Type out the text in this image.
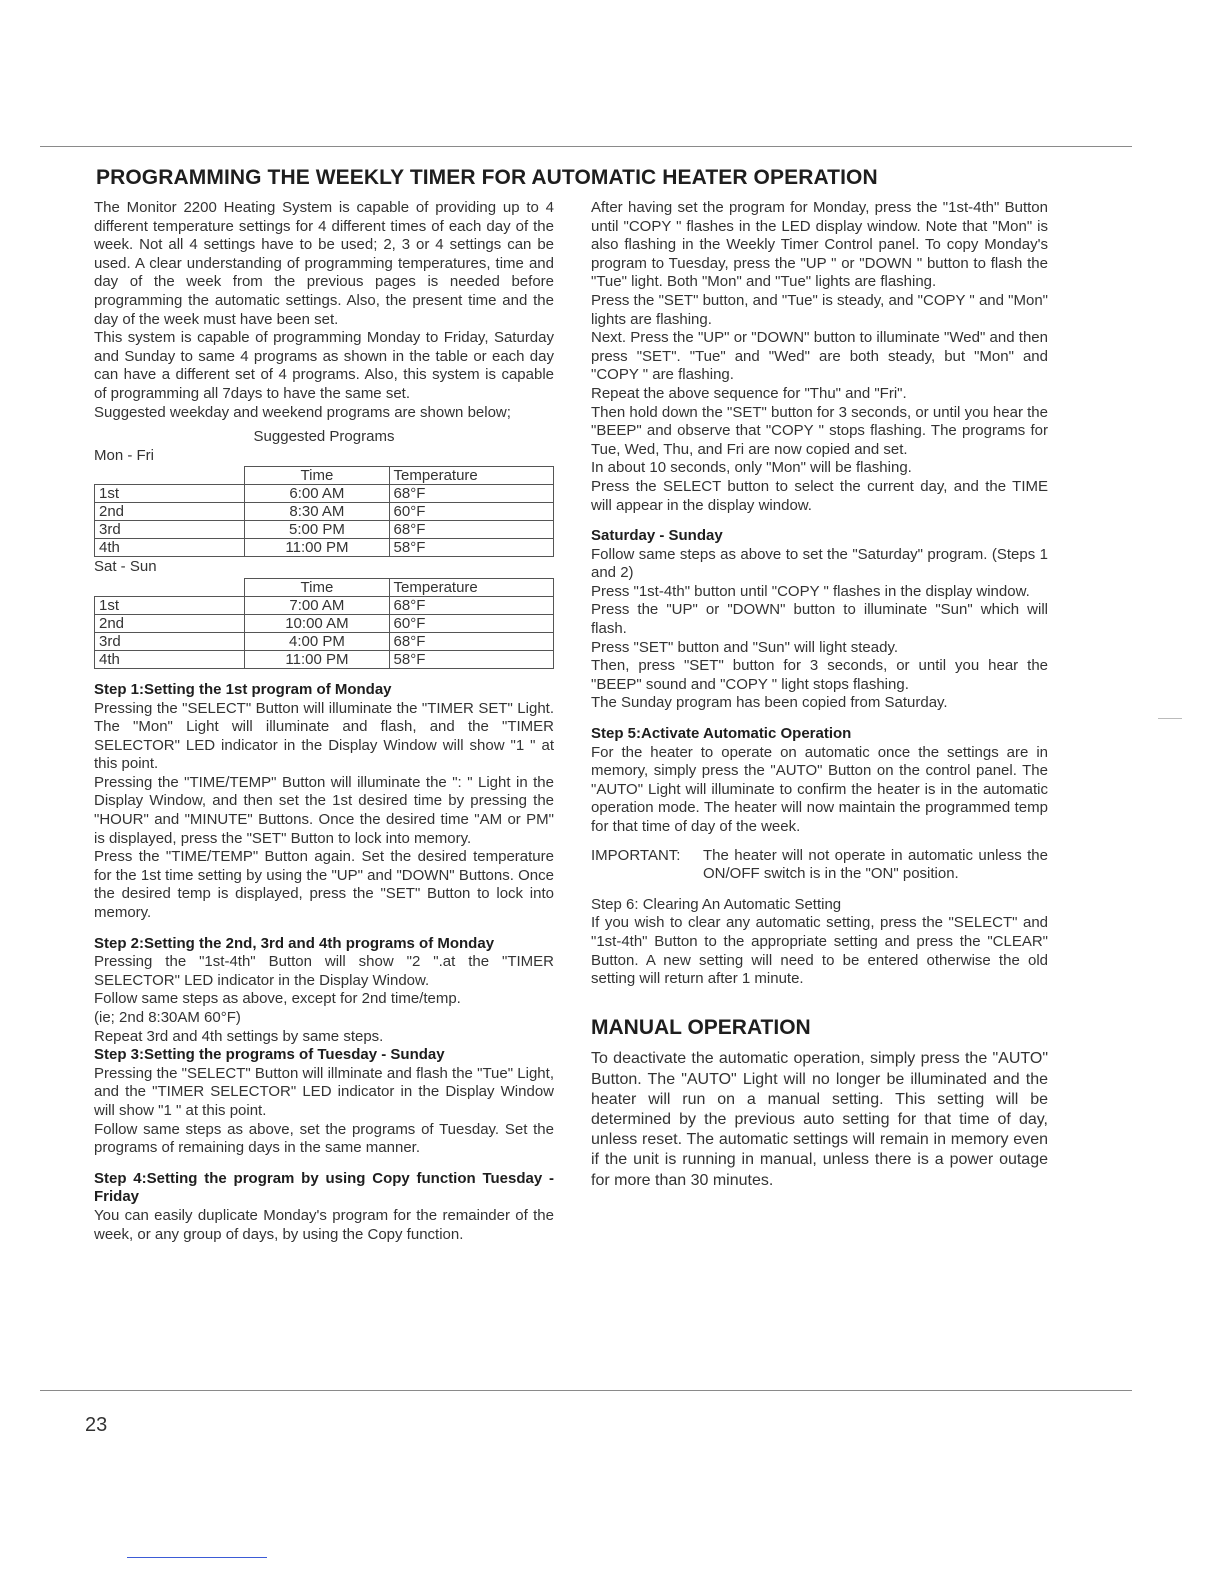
PROGRAMMING THE WEEKLY TIMER FOR AUTOMATIC HEATER OPERATION

The Monitor 2200 Heating System is capable of providing up to 4 different temperature settings for 4 different times of each day of the week. Not all 4 settings have to be used; 2, 3 or 4 settings can be used. A clear understanding of programming temperatures, time and day of the week from the previous pages is needed before programming the automatic settings. Also, the present time and the day of the week must have been set.

This system is capable of programming Monday to Friday, Saturday and Sunday to same 4 programs as shown in the table or each day can have a different set of 4 programs. Also, this system is capable of programming all 7days to have the same set.

Suggested weekday and weekend programs are shown below;

Suggested Programs

Mon - Fri

	Time	Temperature
1st	6:00 AM	68°F
2nd	8:30 AM	60°F
3rd	5:00 PM	68°F
4th	11:00 PM	58°F

Sat - Sun

	Time	Temperature
1st	7:00 AM	68°F
2nd	10:00 AM	60°F
3rd	4:00 PM	68°F
4th	11:00 PM	58°F

Step 1:Setting the 1st program of Monday

Pressing the "SELECT" Button will illuminate the "TIMER SET" Light. The "Mon" Light will illuminate and flash, and the "TIMER SELECTOR" LED indicator in the Display Window will show "1 " at this point.

Pressing the "TIME/TEMP" Button will illuminate the ": " Light in the Display Window, and then set the 1st desired time by pressing the "HOUR" and "MINUTE" Buttons. Once the desired time "AM or PM" is displayed, press the "SET" Button to lock into memory.

Press the "TIME/TEMP" Button again. Set the desired temperature for the 1st time setting by using the "UP" and "DOWN" Buttons. Once the desired temp is displayed, press the "SET" Button to lock into memory.

Step 2:Setting the 2nd, 3rd and 4th programs of Monday

Pressing the "1st-4th" Button will show "2 ".at the "TIMER SELECTOR" LED indicator in the Display Window.

Follow same steps as above, except for 2nd time/temp.

(ie; 2nd 8:30AM 60°F)

Repeat 3rd and 4th settings by same steps.

Step 3:Setting the programs of Tuesday - Sunday

Pressing the "SELECT" Button will illminate and flash the "Tue" Light, and the "TIMER SELECTOR" LED indicator in the Display Window will show "1 " at this point.

Follow same steps as above, set the programs of Tuesday. Set the programs of remaining days in the same manner.

Step 4:Setting the program by using Copy function Tuesday - Friday

You can easily duplicate Monday's program for the remainder of the week, or any group of days, by using the Copy function.

After having set the program for Monday, press the "1st-4th" Button until "COPY " flashes in the LED display window. Note that "Mon" is also flashing in the Weekly Timer Control panel. To copy Monday's program to Tuesday, press the "UP " or "DOWN " button to flash the "Tue" light. Both "Mon" and "Tue" lights are flashing.

Press the "SET" button, and "Tue" is steady, and "COPY " and "Mon" lights are flashing.

Next. Press the "UP" or "DOWN" button to illuminate "Wed" and then press "SET". "Tue" and "Wed" are both steady, but "Mon" and "COPY " are flashing.

Repeat the above sequence for "Thu" and "Fri".

Then hold down the "SET" button for 3 seconds, or until you hear the "BEEP" and observe that "COPY " stops flashing. The programs for Tue, Wed, Thu, and Fri are now copied and set.

In about 10 seconds, only "Mon" will be flashing.

Press the SELECT button to select the current day, and the TIME will appear in the display window.

Saturday - Sunday

Follow same steps as above to set the "Saturday" program. (Steps 1 and 2)

Press "1st-4th" button until "COPY " flashes in the display window.

Press the "UP" or "DOWN" button to illuminate "Sun" which will flash.

Press "SET" button and "Sun" will light steady.

Then, press "SET" button for 3 seconds, or until you hear the "BEEP" sound and "COPY " light stops flashing.

The Sunday program has been copied from Saturday.

Step 5:Activate Automatic Operation

For the heater to operate on automatic once the settings are in memory, simply press the "AUTO" Button on the control panel. The "AUTO" Light will illuminate to confirm the heater is in the automatic operation mode. The heater will now maintain the programmed temp for that time of day of the week.

IMPORTANT:	The heater will not operate in automatic unless the ON/OFF switch is in the "ON" position.

Step 6: Clearing An Automatic Setting

If you wish to clear any automatic setting, press the "SELECT" and "1st-4th" Button to the appropriate setting and press the "CLEAR" Button. A new setting will need to be entered otherwise the old setting will return after 1 minute.

MANUAL OPERATION

To deactivate the automatic operation, simply press the "AUTO" Button. The "AUTO" Light will no longer be illuminated and the heater will run on a manual setting. This setting will be determined by the previous auto setting for that time of day, unless reset. The automatic settings will remain in memory even if the unit is running in manual, unless there is a power outage for more than 30 minutes.

23
